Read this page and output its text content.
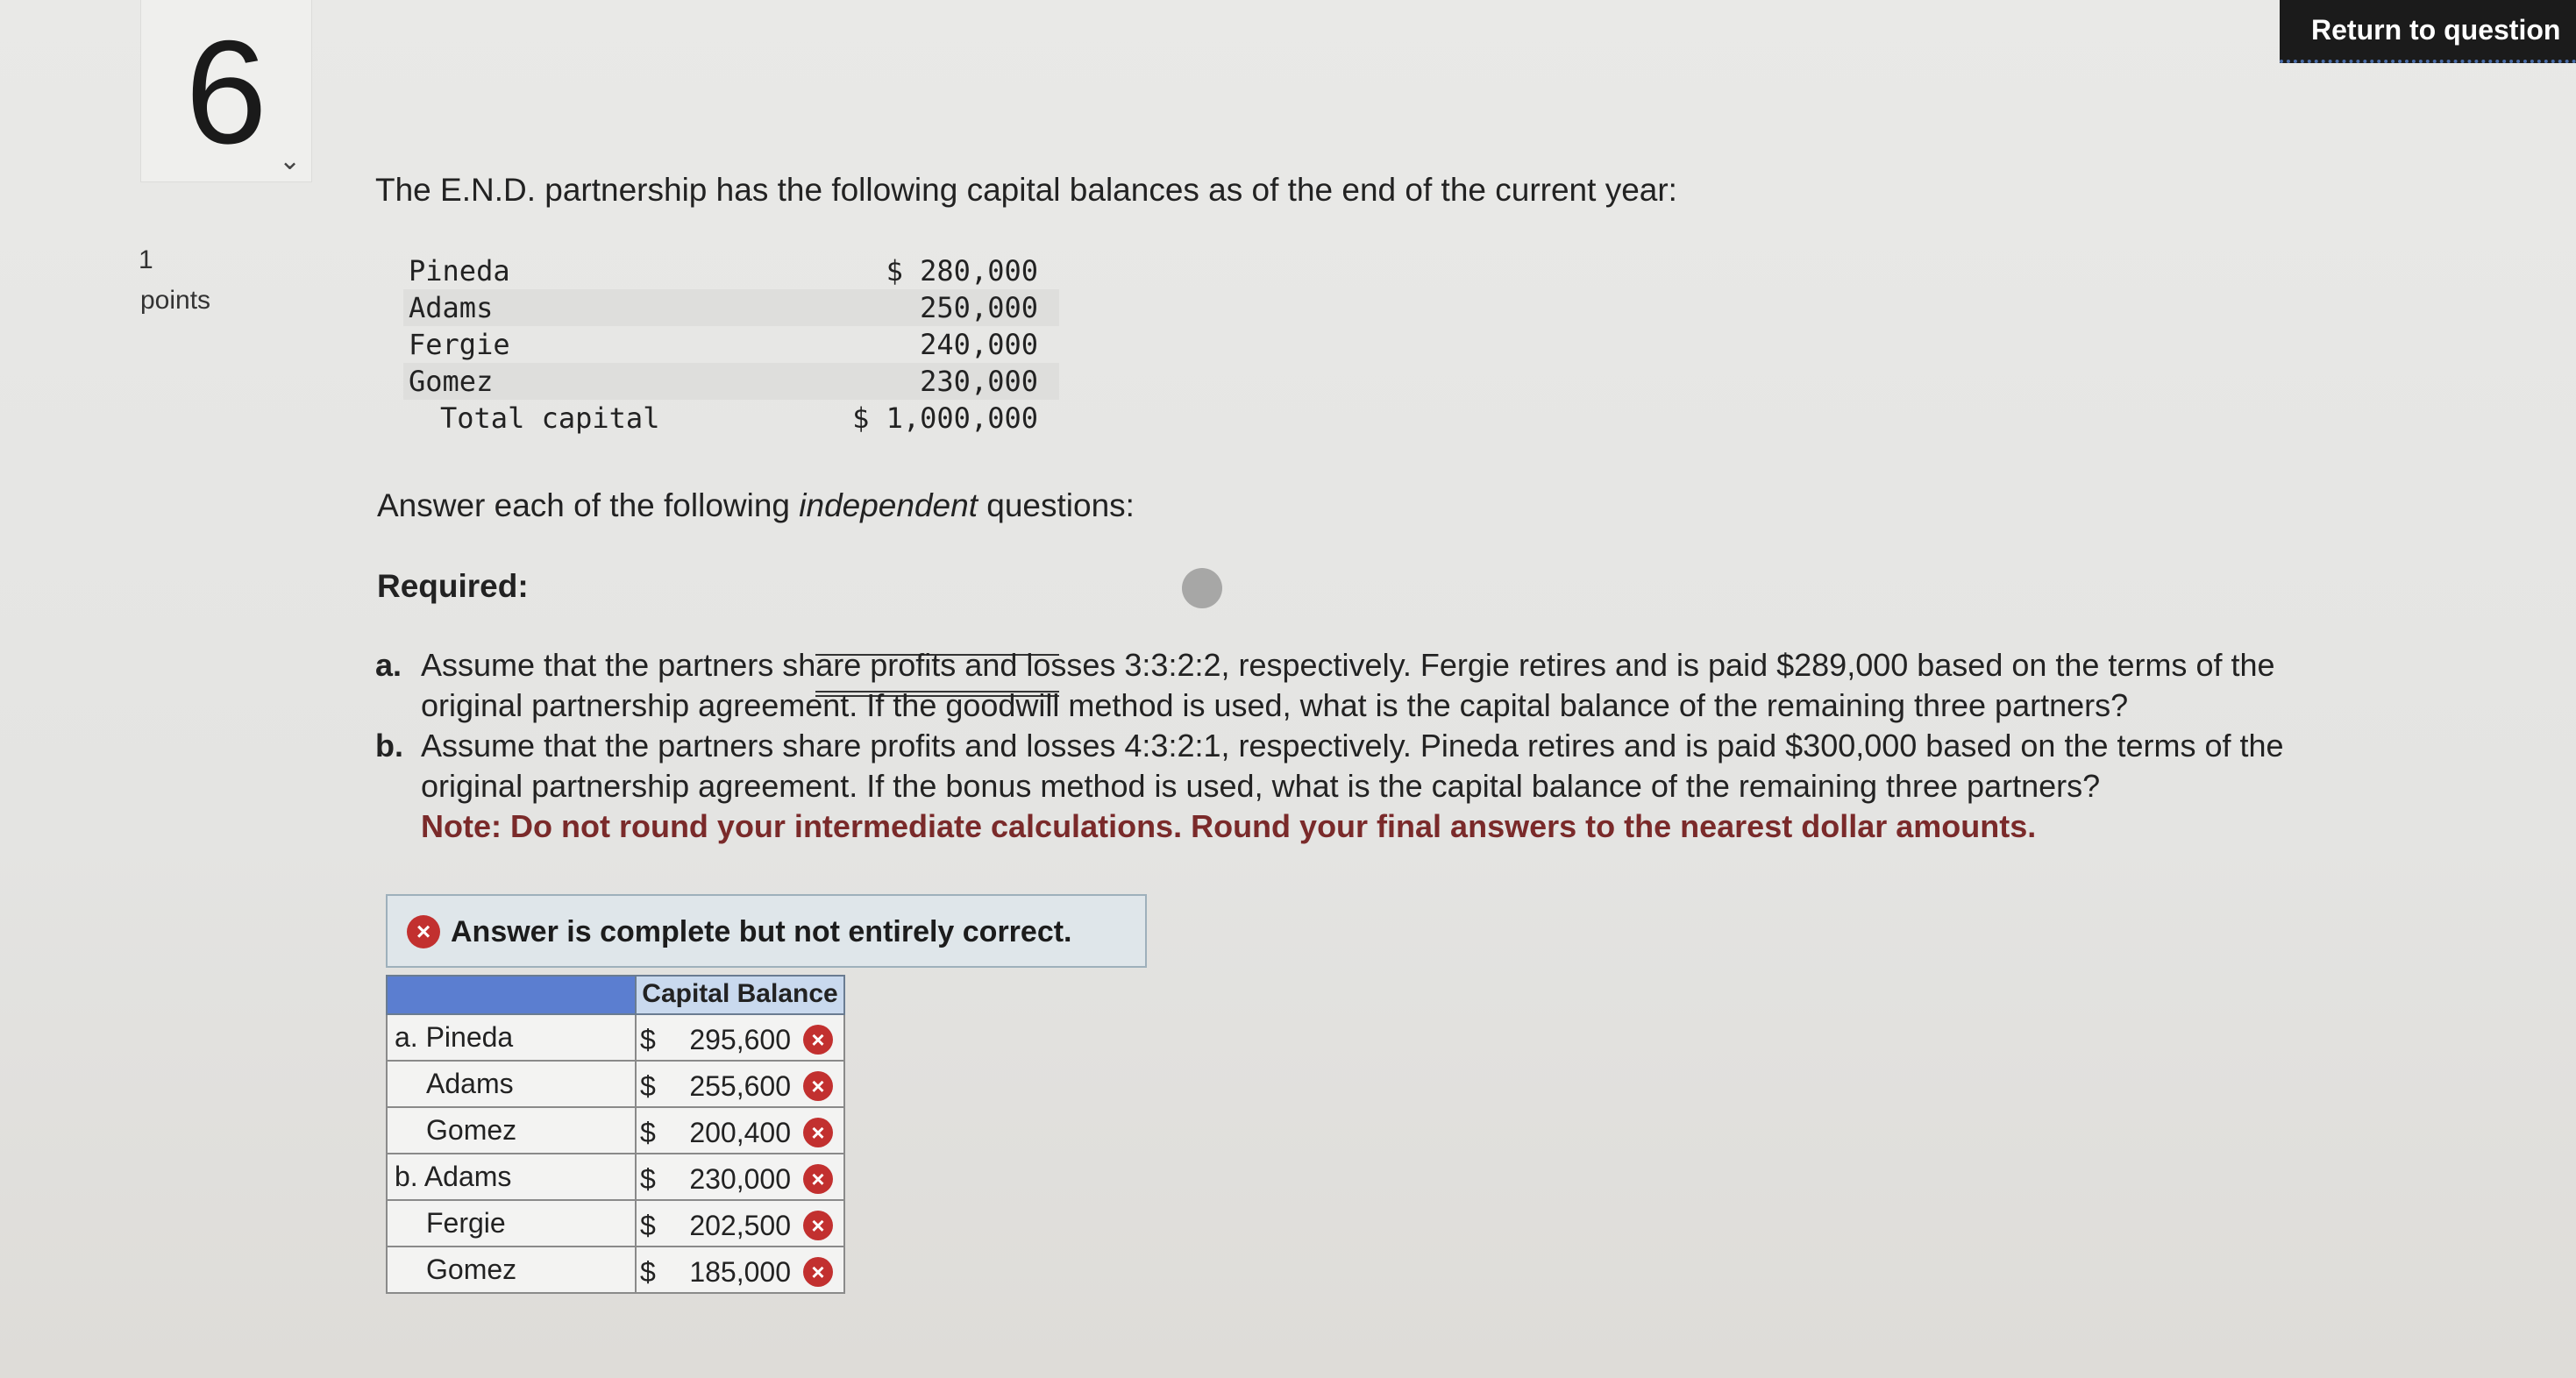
6 ⌄
1
points
Return to question
The E.N.D. partnership has the following capital balances as of the end of the current year:
Pineda	$ 280,000
Adams	250,000
Fergie	240,000
Gomez	230,000
Total capital	$ 1,000,000
Answer each of the following independent questions:
Required:
a. Assume that the partners share profits and losses 3:3:2:2, respectively. Fergie retires and is paid $289,000 based on the terms of the original partnership agreement. If the goodwill method is used, what is the capital balance of the remaining three partners?
b. Assume that the partners share profits and losses 4:3:2:1, respectively. Pineda retires and is paid $300,000 based on the terms of the original partnership agreement. If the bonus method is used, what is the capital balance of the remaining three partners?
Note: Do not round your intermediate calculations. Round your final answers to the nearest dollar amounts.
× Answer is complete but not entirely correct.
	Capital Balance
a. Pineda	$ 295,600 ×

Adams	$ 255,600 ×

Gomez	$ 200,400 ×

b. Adams	$ 230,000 ×

Fergie	$ 202,500 ×

Gomez	$ 185,000 ×
